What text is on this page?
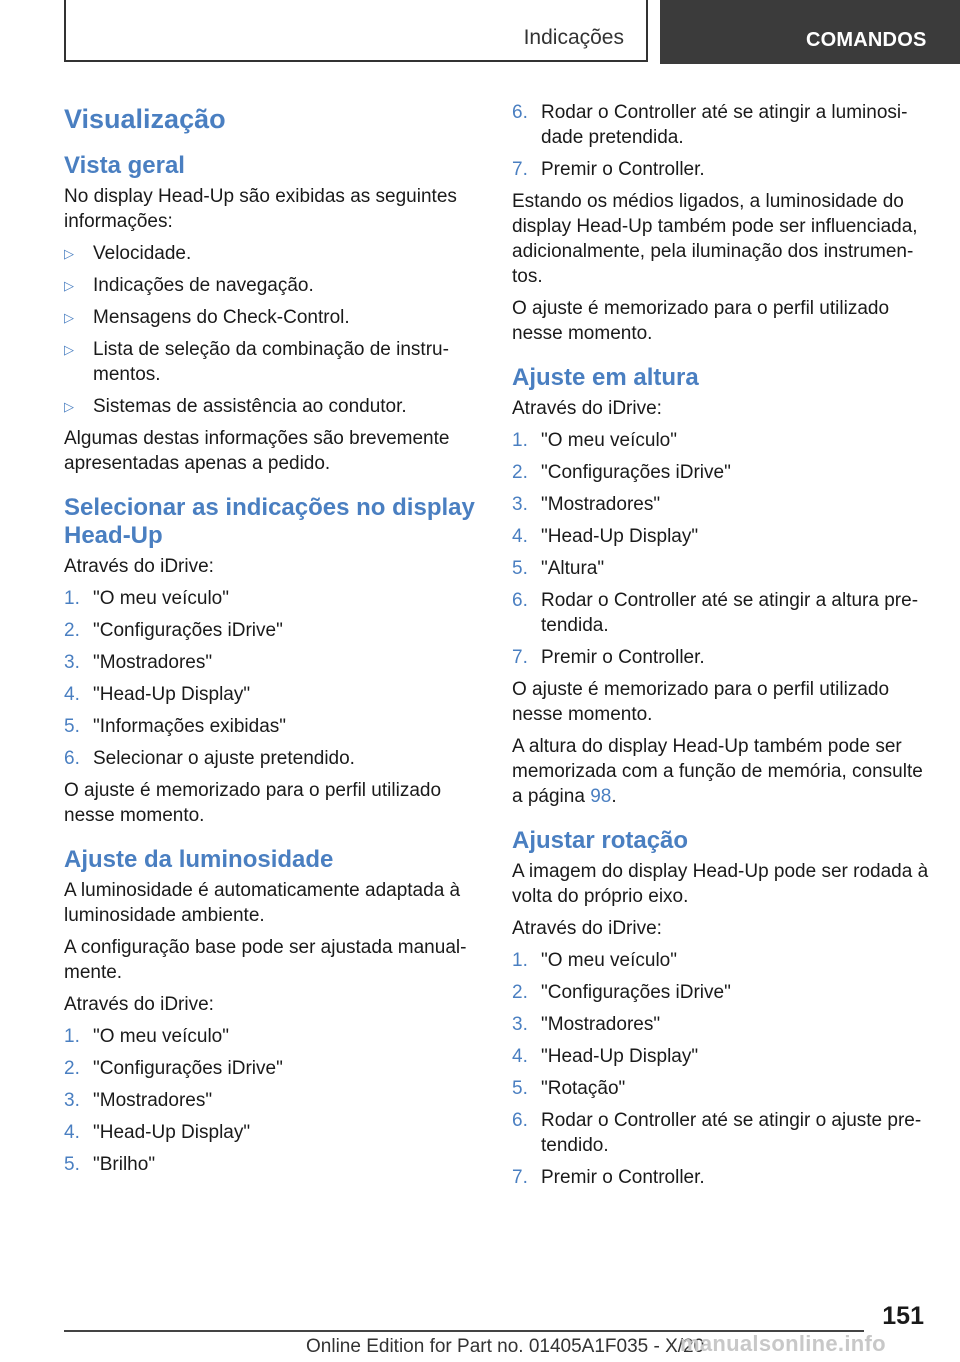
Indicações	COMANDOS
Visualização
Vista geral

No display Head-Up são exibidas as seguintes informações:

▷ Velocidade.
▷ Indicações de navegação.
▷ Mensagens do Check-Control.
▷ Lista de seleção da combinação de instrumentos.
▷ Sistemas de assistência ao condutor.

Algumas destas informações são brevemente apresentadas apenas a pedido.

Selecionar as indicações no display Head-Up

Através do iDrive:

1. "O meu veículo"
2. "Configurações iDrive"
3. "Mostradores"
4. "Head-Up Display"
5. "Informações exibidas"
6. Selecionar o ajuste pretendido.

O ajuste é memorizado para o perfil utilizado nesse momento.

Ajuste da luminosidade

A luminosidade é automaticamente adaptada à luminosidade ambiente.

A configuração base pode ser ajustada manualmente.

Através do iDrive:

1. "O meu veículo"
2. "Configurações iDrive"
3. "Mostradores"
4. "Head-Up Display"
5. "Brilho"
6. Rodar o Controller até se atingir a luminosidade pretendida.
7. Premir o Controller.

Estando os médios ligados, a luminosidade do display Head-Up também pode ser influenciada, adicionalmente, pela iluminação dos instrumentos.

O ajuste é memorizado para o perfil utilizado nesse momento.

Ajuste em altura

Através do iDrive:

1. "O meu veículo"
2. "Configurações iDrive"
3. "Mostradores"
4. "Head-Up Display"
5. "Altura"
6. Rodar o Controller até se atingir a altura pretendida.
7. Premir o Controller.

O ajuste é memorizado para o perfil utilizado nesse momento.

A altura do display Head-Up também pode ser memorizada com a função de memória, consulte a página 98.

Ajustar rotação

A imagem do display Head-Up pode ser rodada à volta do próprio eixo.

Através do iDrive:

1. "O meu veículo"
2. "Configurações iDrive"
3. "Mostradores"
4. "Head-Up Display"
5. "Rotação"
6. Rodar o Controller até se atingir o ajuste pretendido.
7. Premir o Controller.
151
Online Edition for Part no. 01405A1F035 - X/20
manualsonline.info
